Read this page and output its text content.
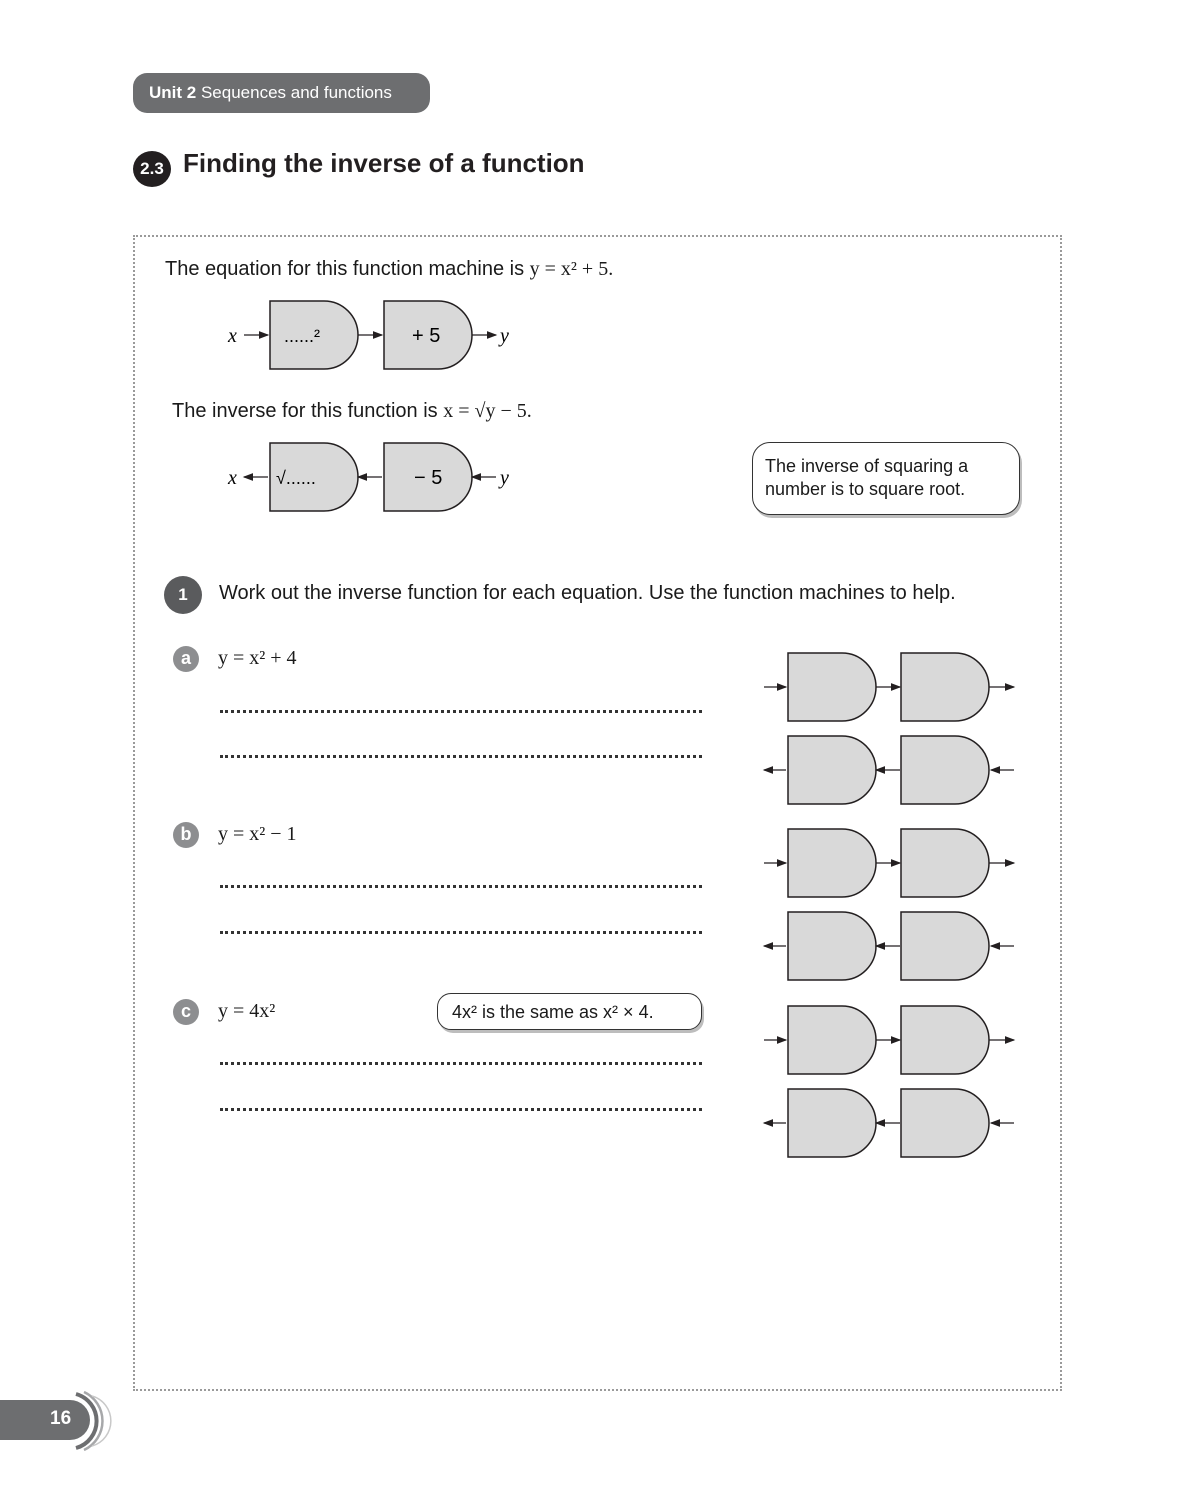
Unit 2 Sequences and functions
2.3 Finding the inverse of a function
The equation for this function machine is y = x² + 5.
x	......²	+ 5	y
The inverse for this function is x = √y − 5.
x √......	− 5	y
The inverse of squaring a number is to square root.
1	Work out the inverse function for each equation. Use the function machines to help.
a	y = x² + 4
b	y = x² − 1
c	y = 4x²	4x² is the same as x² × 4.
16
